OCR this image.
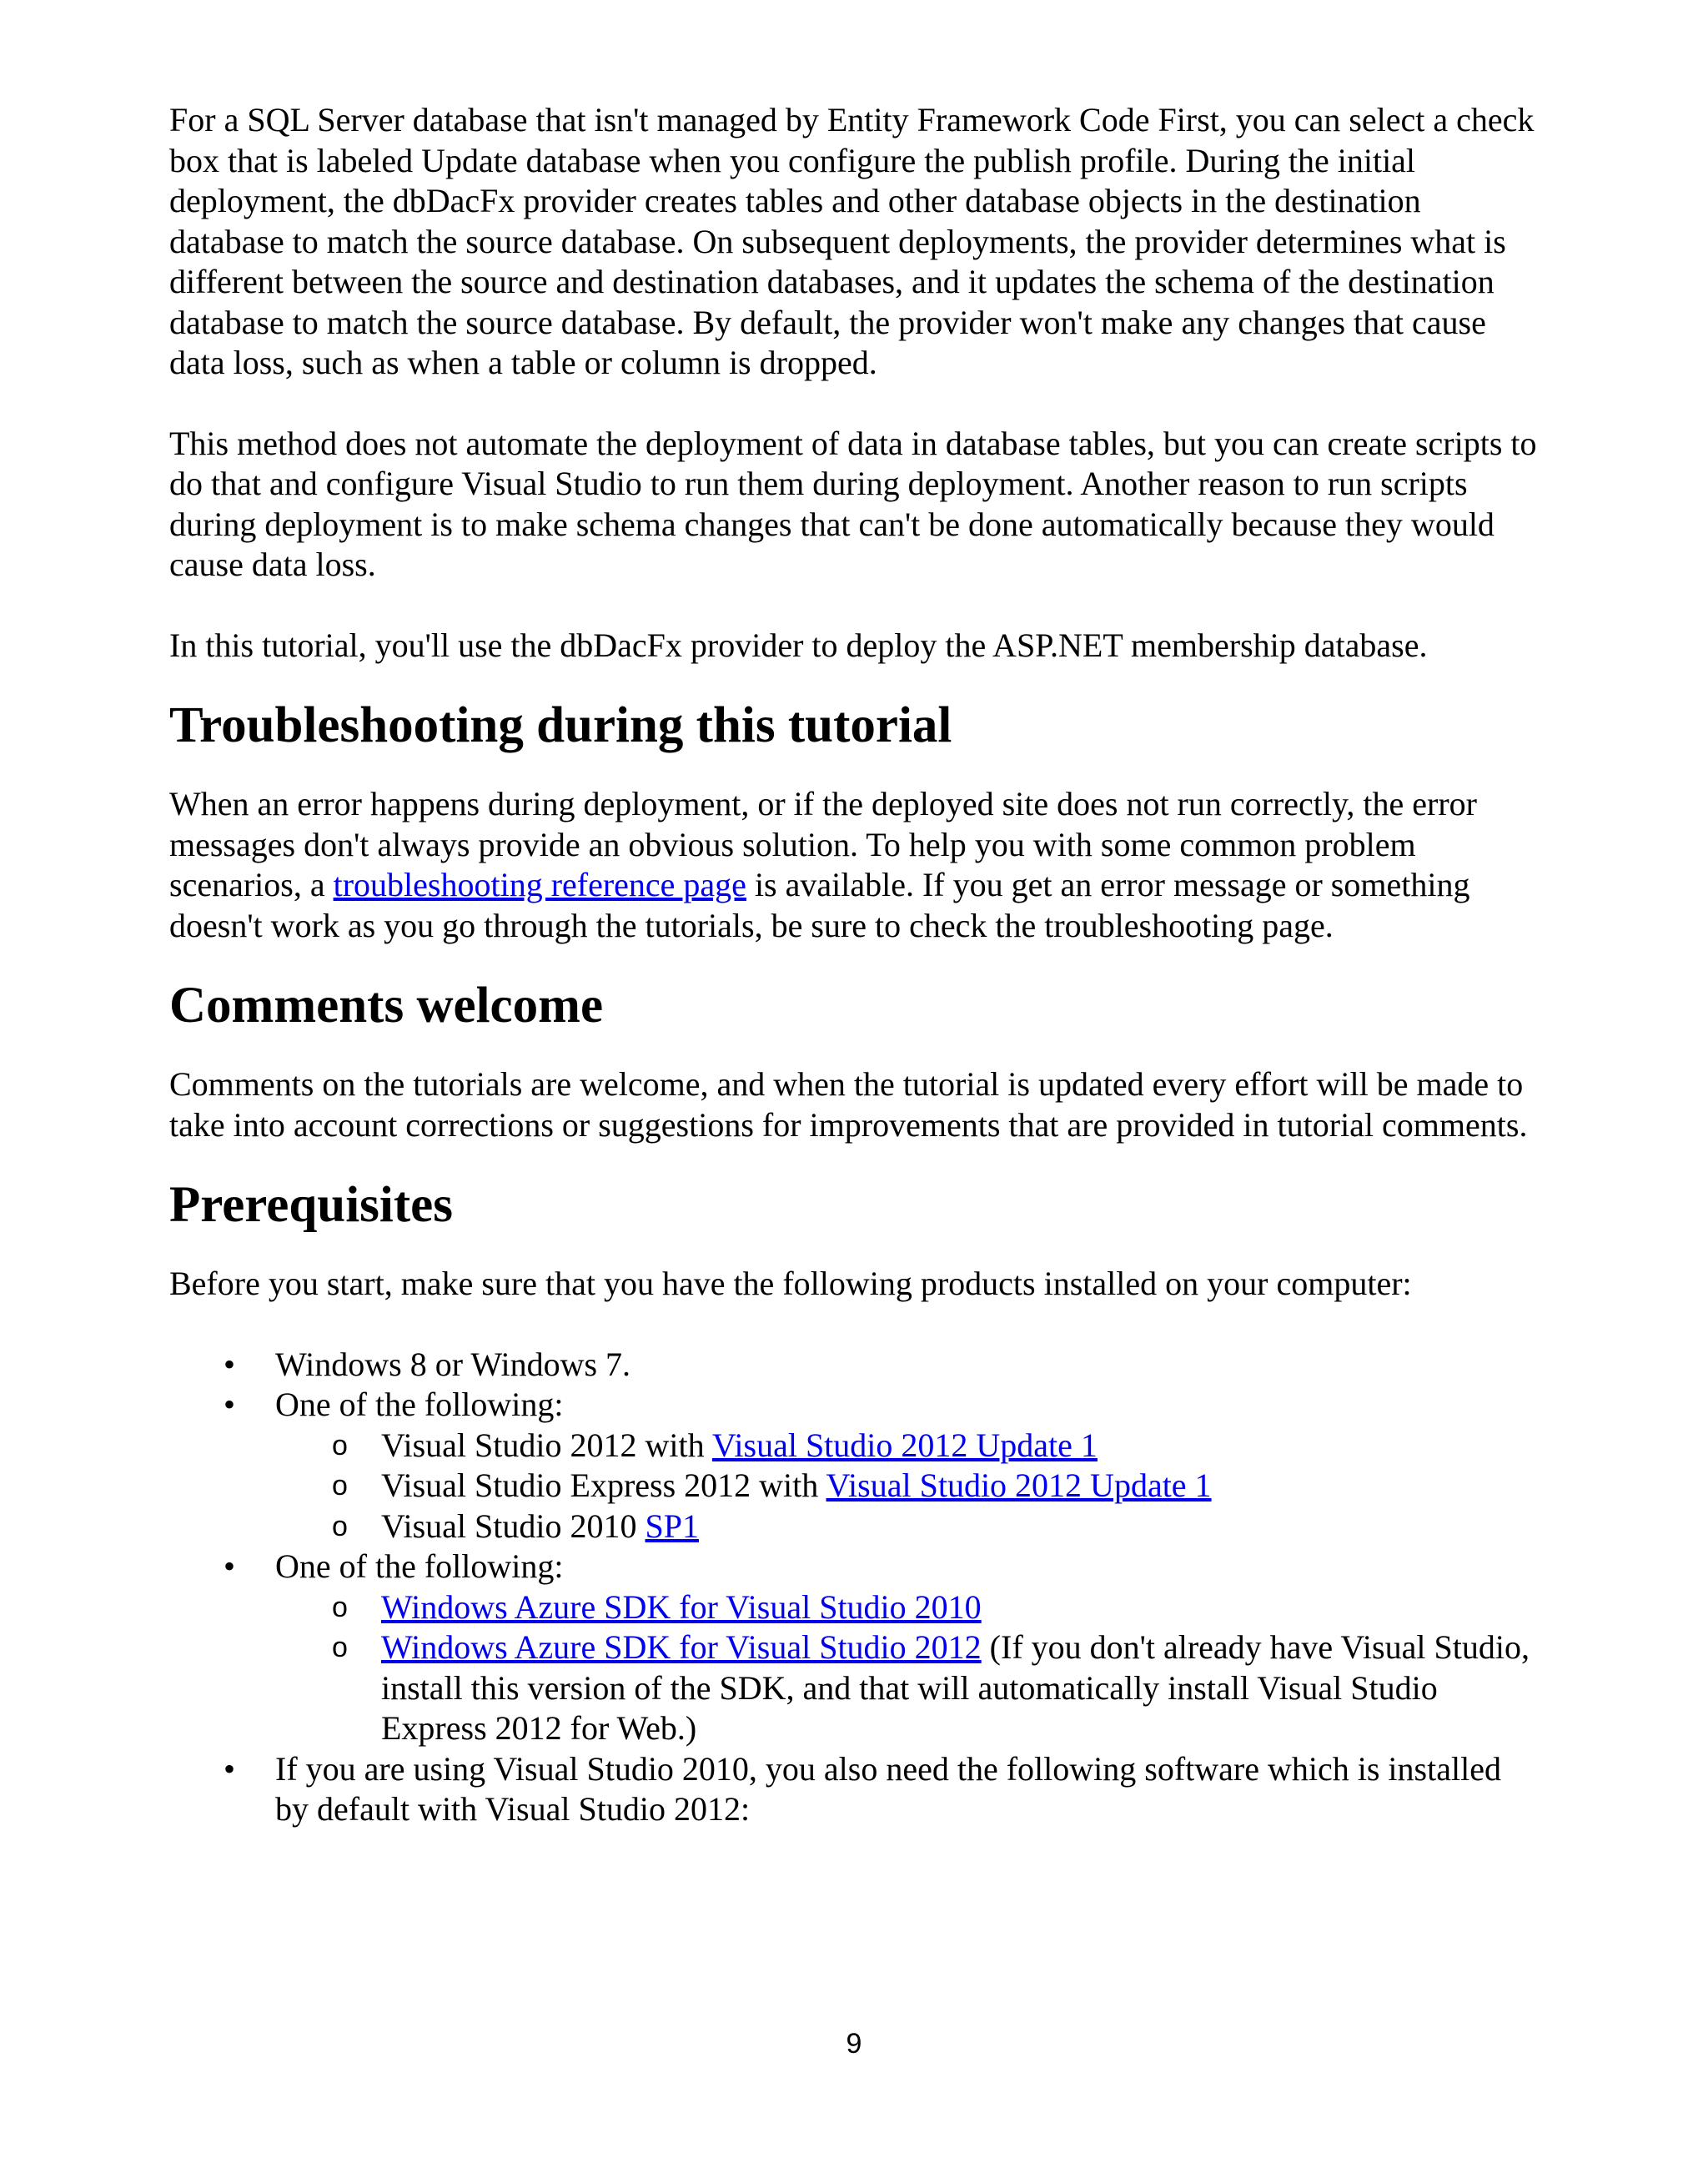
For a SQL Server database that isn't managed by Entity Framework Code First, you can select a check box that is labeled Update database when you configure the publish profile. During the initial deployment, the dbDacFx provider creates tables and other database objects in the destination database to match the source database. On subsequent deployments, the provider determines what is different between the source and destination databases, and it updates the schema of the destination database to match the source database. By default, the provider won't make any changes that cause data loss, such as when a table or column is dropped.

This method does not automate the deployment of data in database tables, but you can create scripts to do that and configure Visual Studio to run them during deployment. Another reason to run scripts during deployment is to make schema changes that can't be done automatically because they would cause data loss.

In this tutorial, you'll use the dbDacFx provider to deploy the ASP.NET membership database.

Troubleshooting during this tutorial

When an error happens during deployment, or if the deployed site does not run correctly, the error messages don't always provide an obvious solution. To help you with some common problem scenarios, a troubleshooting reference page is available. If you get an error message or something doesn't work as you go through the tutorials, be sure to check the troubleshooting page.

Comments welcome

Comments on the tutorials are welcome, and when the tutorial is updated every effort will be made to take into account corrections or suggestions for improvements that are provided in tutorial comments.

Prerequisites

Before you start, make sure that you have the following products installed on your computer:

• Windows 8 or Windows 7.
• One of the following:
o Visual Studio 2012 with Visual Studio 2012 Update 1
o Visual Studio Express 2012 with Visual Studio 2012 Update 1
o Visual Studio 2010 SP1
• One of the following:
o Windows Azure SDK for Visual Studio 2010
o Windows Azure SDK for Visual Studio 2012 (If you don't already have Visual Studio, install this version of the SDK, and that will automatically install Visual Studio Express 2012 for Web.)
• If you are using Visual Studio 2010, you also need the following software which is installed by default with Visual Studio 2012:
9
